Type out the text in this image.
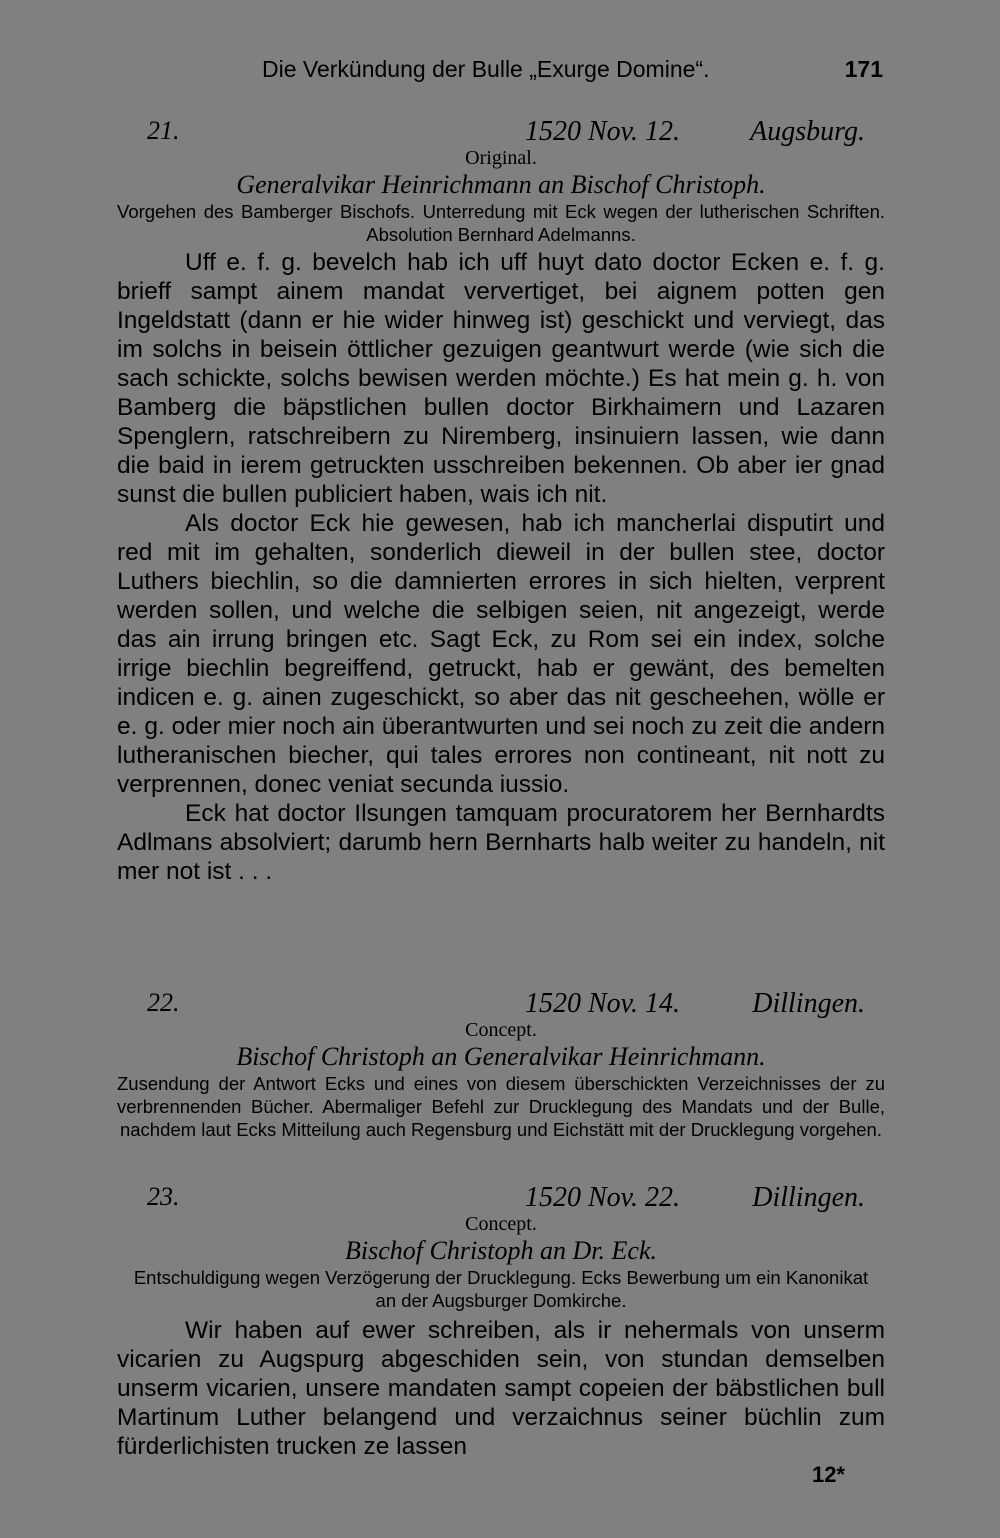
Die Verkündung der Bulle „Exurge Domine“.	171
21.	1520 Nov. 12.	Augsburg.
Original.
Generalvikar Heinrichmann an Bischof Christoph.
Vorgehen des Bamberger Bischofs. Unterredung mit Eck wegen der lutherischen Schriften. Absolution Bernhard Adelmanns.

Uff e. f. g. bevelch hab ich uff huyt dato doctor Ecken e. f. g. brieff sampt ainem mandat ververtiget, bei aignem potten gen Ingeldstatt (dann er hie wider hinweg ist) geschickt und verviegt, das im solchs in beisein öttlicher gezuigen geantwurt werde (wie sich die sach schickte, solchs bewisen werden möchte.) Es hat mein g. h. von Bamberg die bäpstlichen bullen doctor Birkhaimern und Lazaren Spenglern, ratschreibern zu Niremberg, insinuiern lassen, wie dann die baid in ierem getruckten usschreiben bekennen. Ob aber ier gnad sunst die bullen publiciert haben, wais ich nit.

Als doctor Eck hie gewesen, hab ich mancherlai disputirt und red mit im gehalten, sonderlich dieweil in der bullen stee, doctor Luthers biechlin, so die damnierten errores in sich hielten, verprent werden sollen, und welche die selbigen seien, nit angezeigt, werde das ain irrung bringen etc. Sagt Eck, zu Rom sei ein index, solche irrige biechlin begreiffend, getruckt, hab er gewänt, des bemelten indicen e. g. ainen zugeschickt, so aber das nit gescheehen, wölle er e. g. oder mier noch ain überantwurten und sei noch zu zeit die andern lutheranischen biecher, qui tales errores non contineant, nit nott zu verprennen, donec veniat secunda iussio.

Eck hat doctor Ilsungen tamquam procuratorem her Bernhardts Adlmans absolviert; darumb hern Bernharts halb weiter zu handeln, nit mer not ist . . .

22.	1520 Nov. 14.	Dillingen.
Concept.
Bischof Christoph an Generalvikar Heinrichmann.
Zusendung der Antwort Ecks und eines von diesem überschickten Verzeichnisses der zu verbrennenden Bücher. Abermaliger Befehl zur Drucklegung des Mandats und der Bulle, nachdem laut Ecks Mitteilung auch Regensburg und Eichstätt mit der Drucklegung vorgehen.
23.	1520 Nov. 22.	Dillingen.
Concept.
Bischof Christoph an Dr. Eck.
Entschuldigung wegen Verzögerung der Drucklegung. Ecks Bewerbung um ein Kanonikat an der Augsburger Domkirche.

Wir haben auf ewer schreiben, als ir nehermals von unserm vicarien zu Augspurg abgeschiden sein, von stundan demselben unserm vicarien, unsere mandaten sampt copeien der bäbstlichen bull Martinum Luther belangend und verzaichnus seiner büchlin zum fürderlichisten trucken ze lassen

12*
